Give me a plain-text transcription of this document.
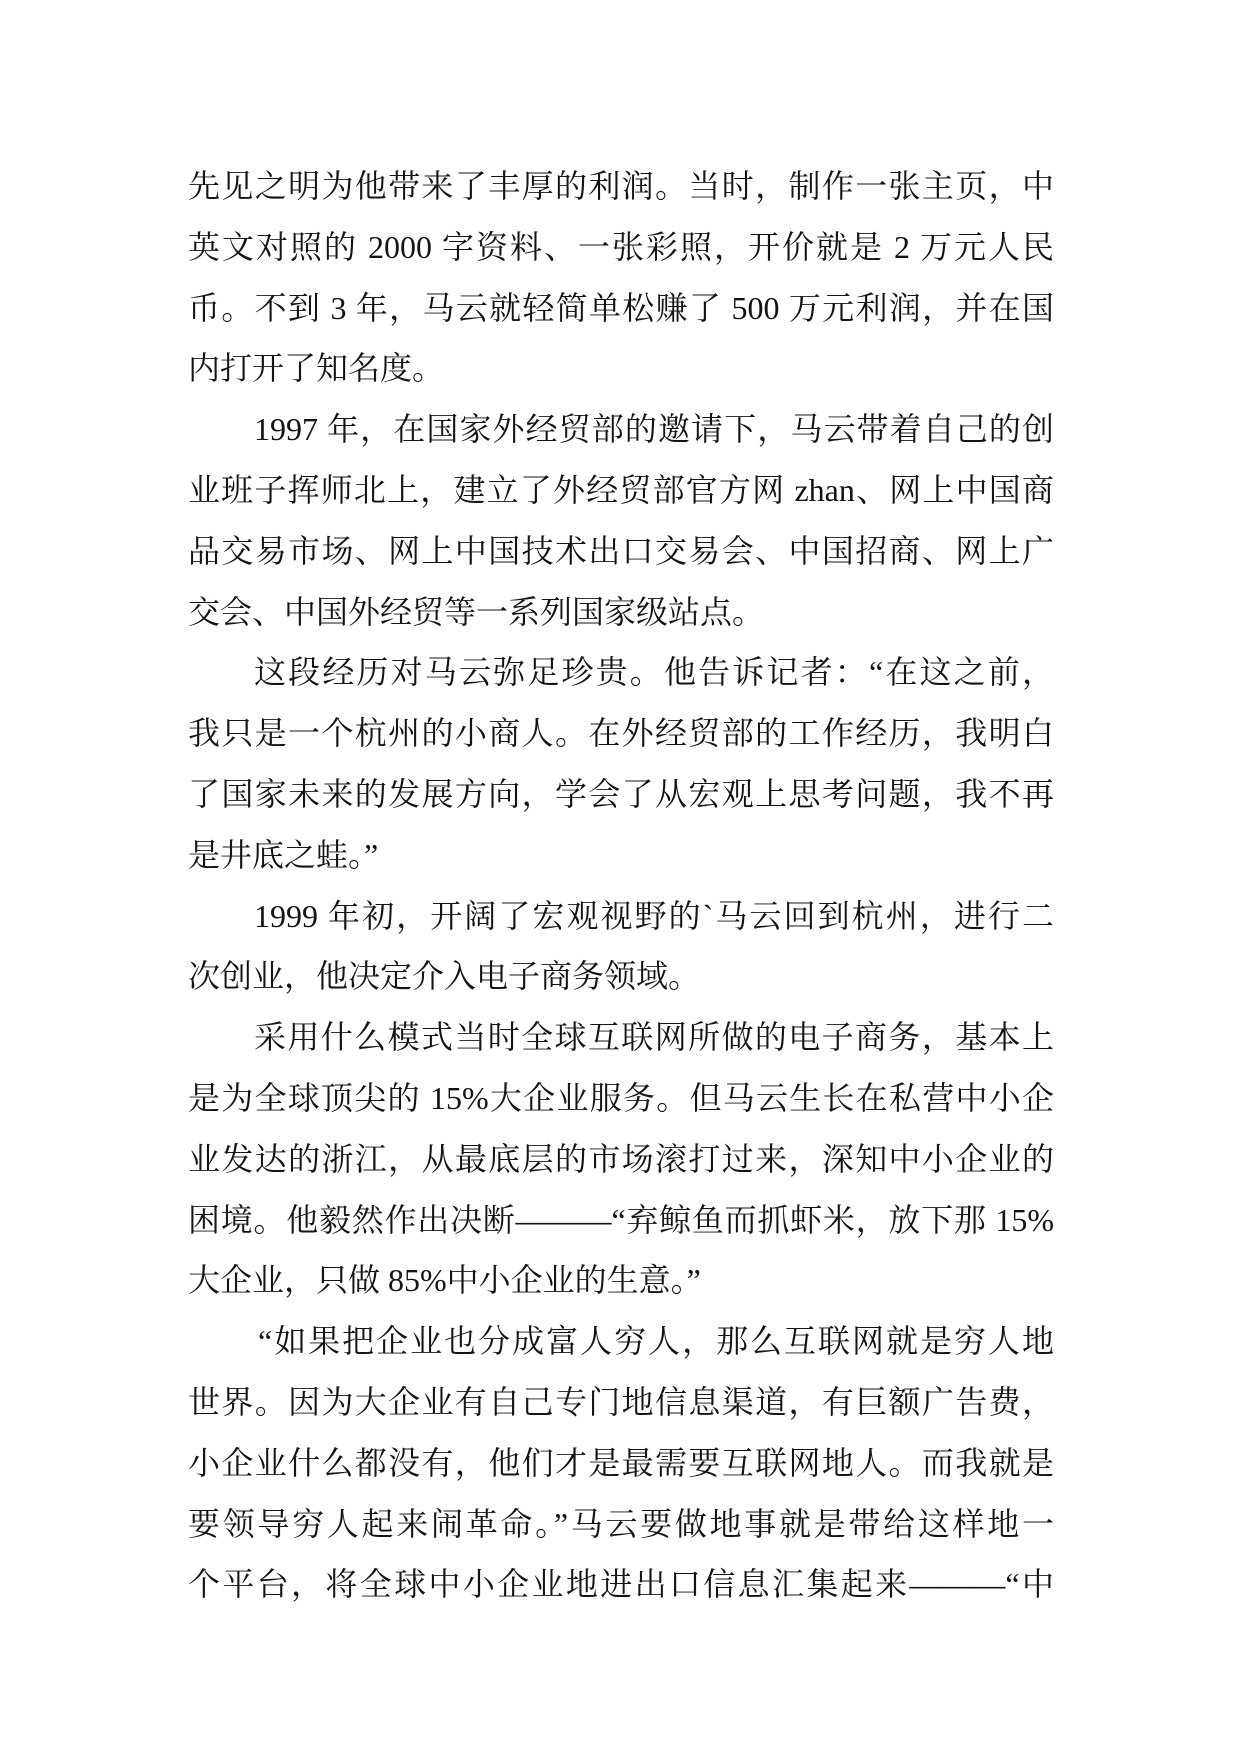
先见之明为他带来了丰厚的利润。当时，制作一张主页，中
英文对照的 2000 字资料、一张彩照，开价就是 2 万元人民
币。不到 3 年，马云就轻简单松赚了 500 万元利润，并在国
内打开了知名度。
1997 年，在国家外经贸部的邀请下，马云带着自己的创
业班子挥师北上，建立了外经贸部官方网 zhan、网上中国商
品交易市场、网上中国技术出口交易会、中国招商、网上广
交会、中国外经贸等一系列国家级站点。
这段经历对马云弥足珍贵。他告诉记者：“在这之前，
我只是一个杭州的小商人。在外经贸部的工作经历，我明白
了国家未来的发展方向，学会了从宏观上思考问题，我不再
是井底之蛙。”
1999 年初，开阔了宏观视野的`马云回到杭州，进行二
次创业，他决定介入电子商务领域。
采用什么模式当时全球互联网所做的电子商务，基本上
是为全球顶尖的 15%大企业服务。但马云生长在私营中小企
业发达的浙江，从最底层的市场滚打过来，深知中小企业的
困境。他毅然作出决断———“弃鲸鱼而抓虾米，放下那 15%
大企业，只做 85%中小企业的生意。”
“如果把企业也分成富人穷人，那么互联网就是穷人地
世界。因为大企业有自己专门地信息渠道，有巨额广告费，
小企业什么都没有，他们才是最需要互联网地人。而我就是
要领导穷人起来闹革命。”马云要做地事就是带给这样地一
个平台，将全球中小企业地进出口信息汇集起来———“中
